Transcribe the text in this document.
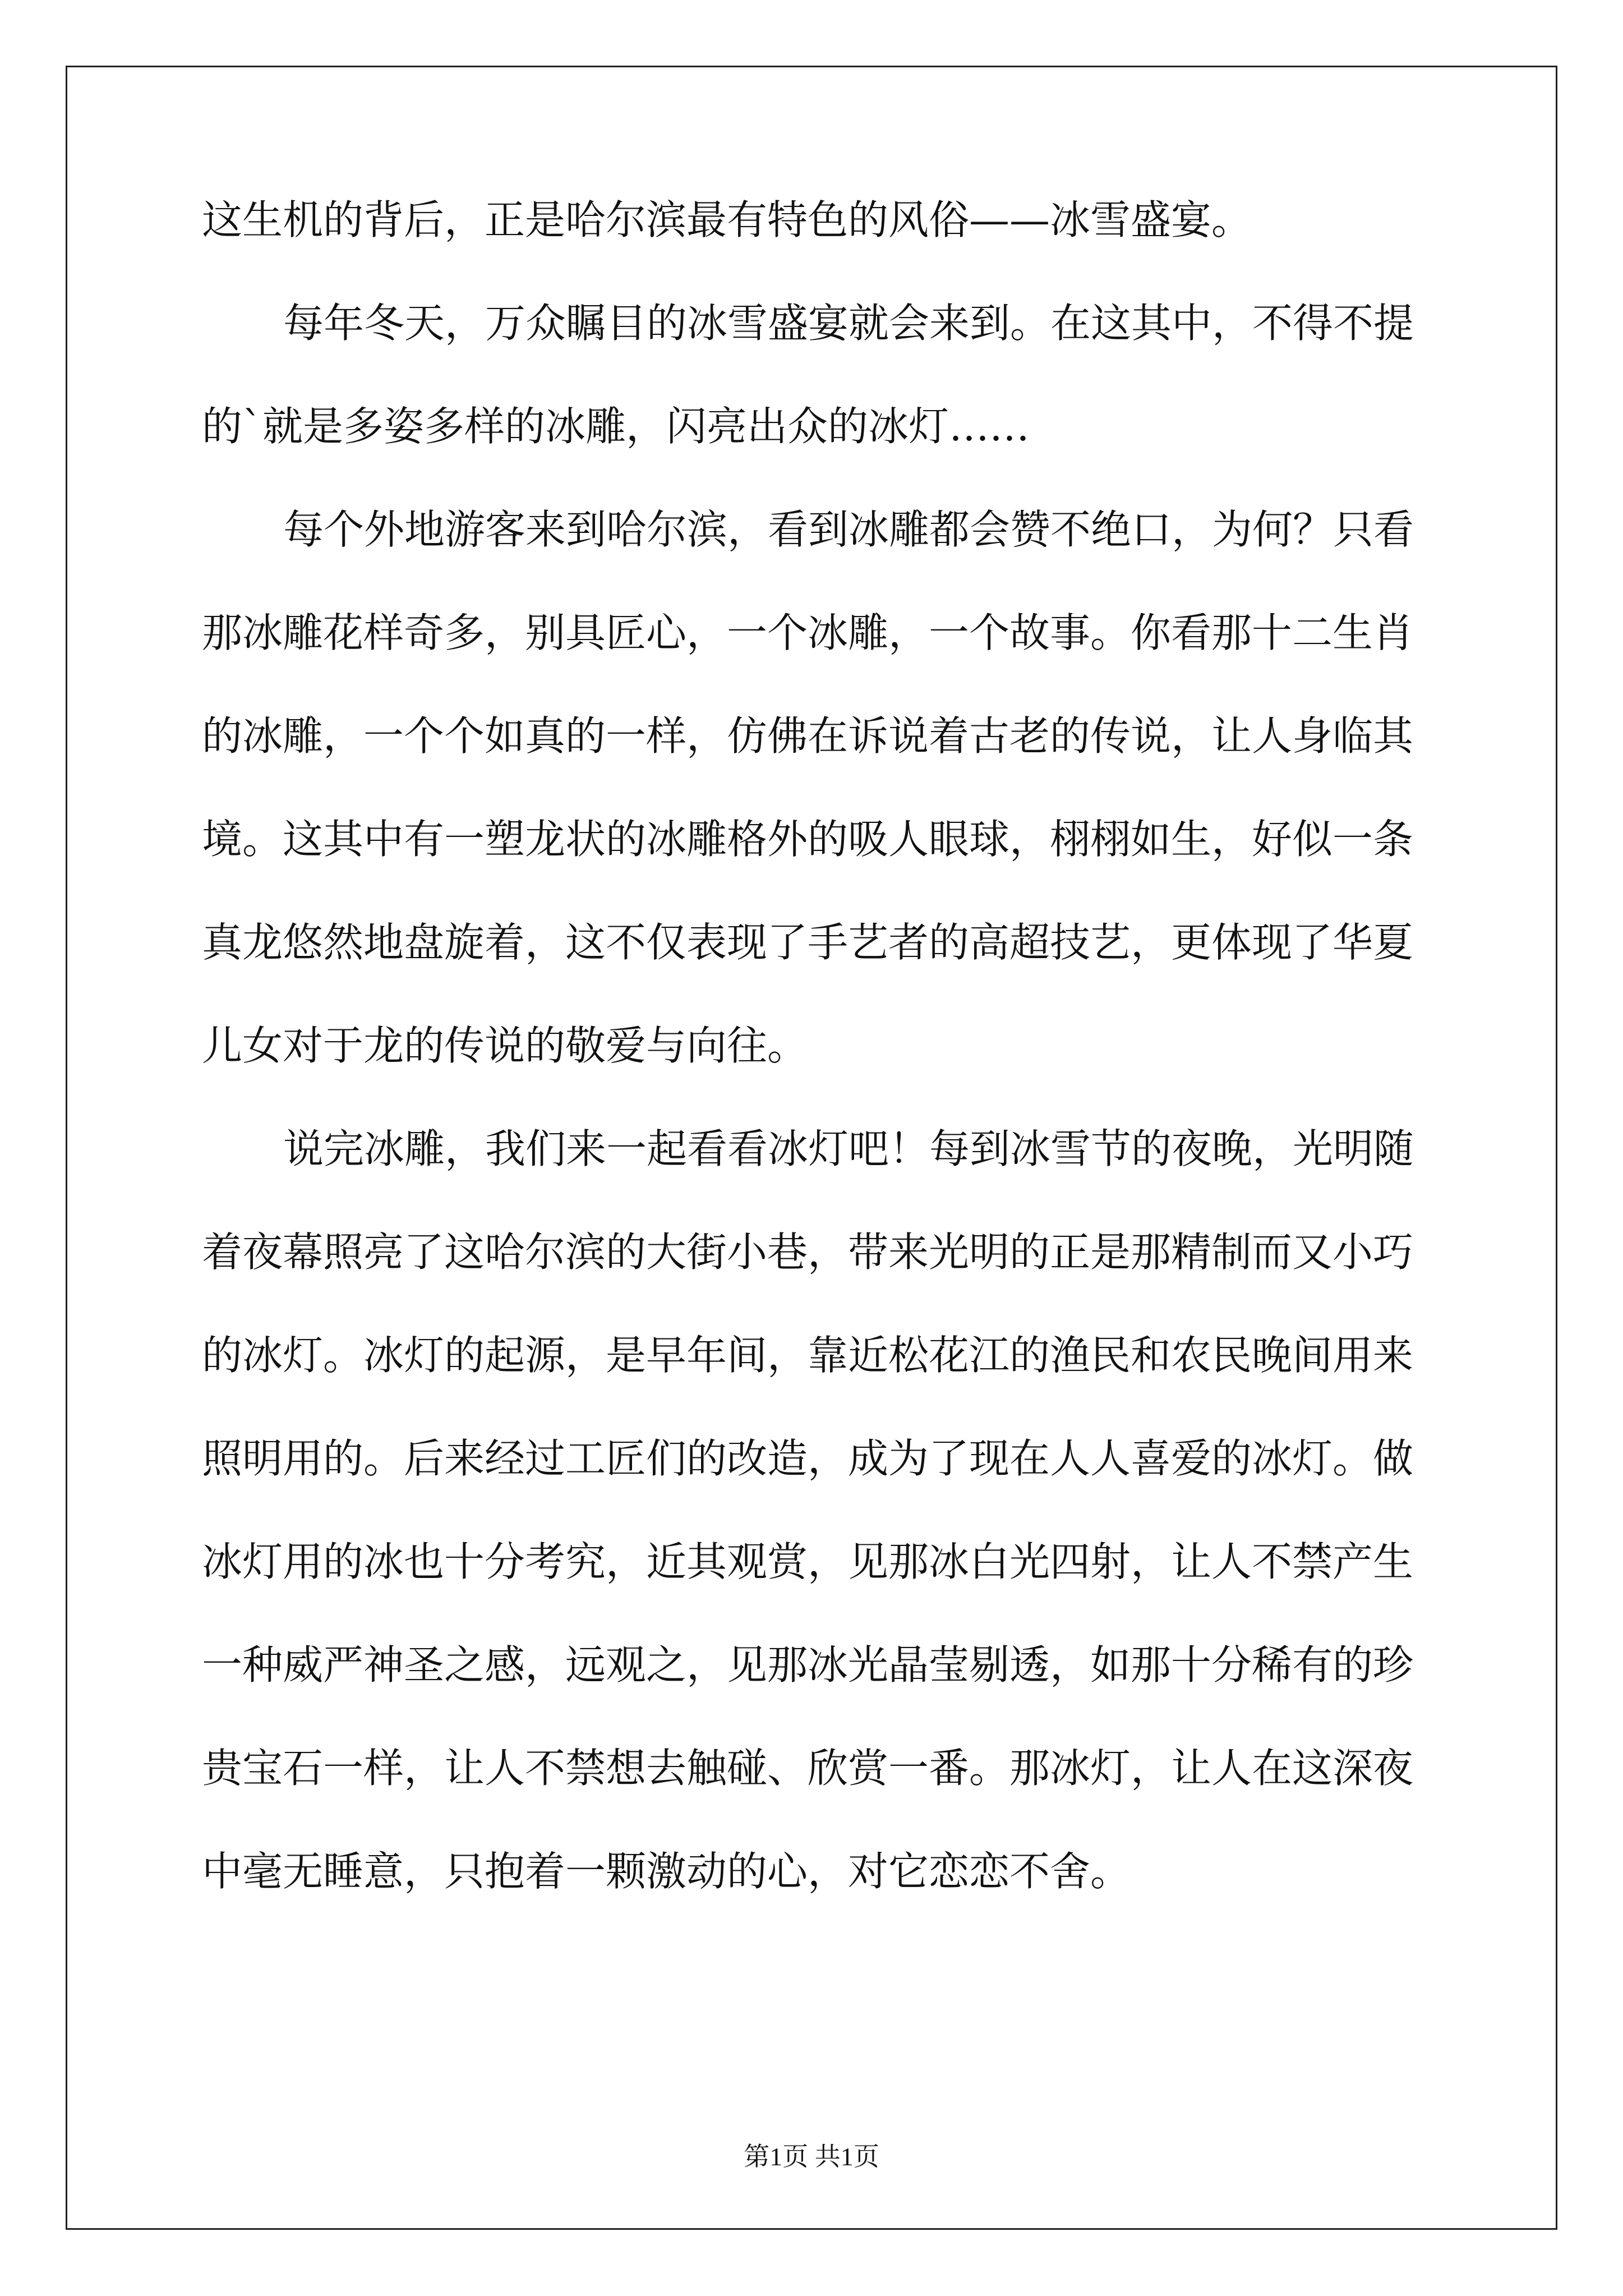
这生机的背后，正是哈尔滨最有特色的风俗——冰雪盛宴。
每年冬天，万众瞩目的冰雪盛宴就会来到。在这其中，不得不提
的`就是多姿多样的冰雕，闪亮出众的冰灯……
每个外地游客来到哈尔滨，看到冰雕都会赞不绝口，为何？只看
那冰雕花样奇多，别具匠心，一个冰雕，一个故事。你看那十二生肖
的冰雕，一个个如真的一样，仿佛在诉说着古老的传说，让人身临其
境。这其中有一塑龙状的冰雕格外的吸人眼球，栩栩如生，好似一条
真龙悠然地盘旋着，这不仅表现了手艺者的高超技艺，更体现了华夏
儿女对于龙的传说的敬爱与向往。
说完冰雕，我们来一起看看冰灯吧！每到冰雪节的夜晚，光明随
着夜幕照亮了这哈尔滨的大街小巷，带来光明的正是那精制而又小巧
的冰灯。冰灯的起源，是早年间，靠近松花江的渔民和农民晚间用来
照明用的。后来经过工匠们的改造，成为了现在人人喜爱的冰灯。做
冰灯用的冰也十分考究，近其观赏，见那冰白光四射，让人不禁产生
一种威严神圣之感，远观之，见那冰光晶莹剔透，如那十分稀有的珍
贵宝石一样，让人不禁想去触碰、欣赏一番。那冰灯，让人在这深夜
中毫无睡意，只抱着一颗激动的心，对它恋恋不舍。
第1页 共1页
